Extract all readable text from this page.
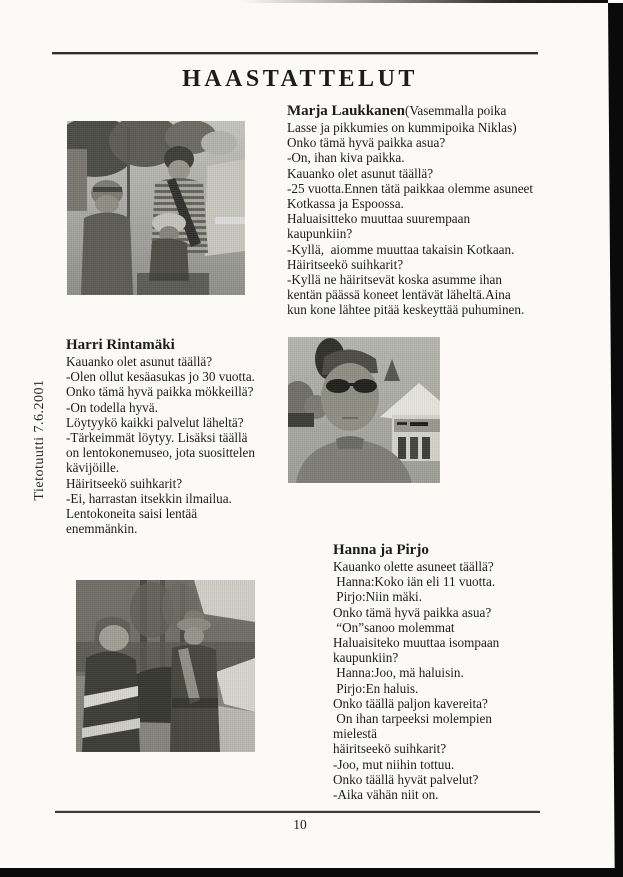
HAASTATTELUT
Tietotuutti 7.6.2001
Marja Laukkanen(Vasemmalla poika
Lasse ja pikkumies on kummipoika Niklas)
Onko tämä hyvä paikka asua?
-On, ihan kiva paikka.
Kauanko olet asunut täällä?
-25 vuotta.Ennen tätä paikkaa olemme asuneet
Kotkassa ja Espoossa.
Haluaisitteko muuttaa suurempaan
kaupunkiin?
-Kyllä,  aiomme muuttaa takaisin Kotkaan.
Häiritseekö suihkarit?
-Kyllä ne häiritsevät koska asumme ihan
kentän päässä koneet lentävät läheltä.Aina
kun kone lähtee pitää keskeyttää puhuminen.
Harri Rintamäki
Kauanko olet asunut täällä?
-Olen ollut kesäasukas jo 30 vuotta.
Onko tämä hyvä paikka mökkeillä?
-On todella hyvä.
Löytyykö kaikki palvelut läheltä?
-Tärkeimmät löytyy. Lisäksi täällä
on lentokonemuseo, jota suosittelen
kävijöille.
Häiritseekö suihkarit?
-Ei, harrastan itsekkin ilmailua.
Lentokoneita saisi lentää
enemmänkin.
Hanna ja Pirjo
Kauanko olette asuneet täällä?
Hanna:Koko iän eli 11 vuotta.
Pirjo:Niin mäki.
Onko tämä hyvä paikka asua?
“On”sanoo molemmat
Haluaisiteko muuttaa isompaan
kaupunkiin?
Hanna:Joo, mä haluisin.
Pirjo:En haluis.
Onko täällä paljon kavereita?
On ihan tarpeeksi molempien
mielestä
häiritseekö suihkarit?
-Joo, mut niihin tottuu.
Onko täällä hyvät palvelut?
-Aika vähän niit on.
10
